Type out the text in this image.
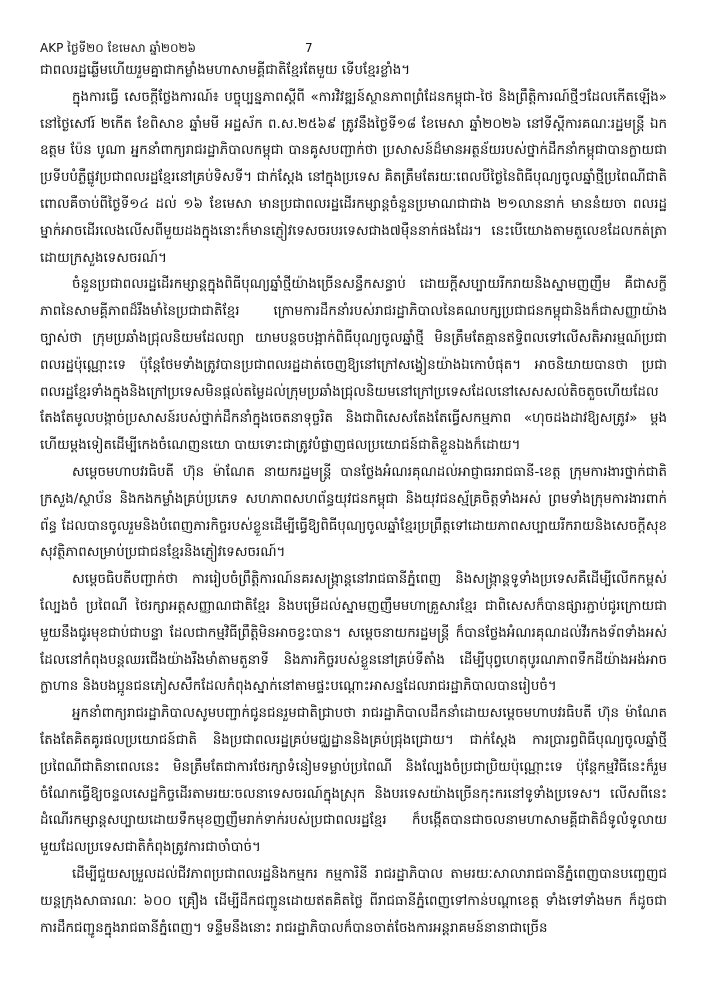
AKP ថ្ងៃទី២០ ខែមេសា ឆ្នាំ២០២៦	7

ជាពលរដ្ឋឆ្លើមហើយរួមគ្នាជាកម្លាំងមហាសាមគ្គីជាតិខ្មែរតែមួយ ទើបខ្មែរខ្លាំង។

ក្នុងការធ្វើ សេចក្តីថ្លែងការណ៍៖ បច្ចុប្បន្នភាពស្តីពី «ការវិវឌ្ឍន៍ស្ថានភាពព្រំដែនកម្ពុជា-ថៃ និងព្រឹត្តិការណ៍ថ្មីៗដែលកើតឡើង» នៅថ្ងៃសៅរ៍ ២កើត ខែពិសាខ ឆ្នាំមមី អដ្ឋស័ក ព.ស.២៥៦៩ ត្រូវនឹងថ្ងៃទី១៨ ខែមេសា ឆ្នាំ២០២៦ នៅទីស្តីការគណៈរដ្ឋមន្ត្រី ឯកឧត្តម ប៉ែន បូណា អ្នកនាំពាក្យរាជរដ្ឋាភិបាលកម្ពុជា បានគូសបញ្ជាក់ថា ប្រសាសន៍ដ៏មានអត្ថន័យរបស់ថ្នាក់ដឹកនាំកម្ពុជាបានក្លាយជាប្រទីបបំភ្លឺផ្លូវប្រជាពលរដ្ឋខ្មែរនៅគ្រប់ទិសទី។ ជាក់ស្តែង នៅក្នុងប្រទេស គិតត្រឹមតែរយៈពេលបីថ្ងៃនៃពិធីបុណ្យចូលឆ្នាំថ្មីប្រពៃណីជាតិ ពោលគឺចាប់ពីថ្ងៃទី១៤ ដល់ ១៦ ខែមេសា មានប្រជាពលរដ្ឋដើរកម្សាន្តចំនួនប្រមាណជាជាង ២១លាននាក់ មាននំយចា ពលរដ្ឋម្នាក់អាចដើរលេងលើសពីមួយដងក្នុងនោះក៏មានភ្ញៀវទេសចរបរទេសជាង៧ម៉ឺននាក់ផងដែរ។ នេះបើយោងតាមតួលេខដែលកត់ត្រាដោយក្រសួងទេសចរណ៍។

ចំនួនប្រជាពលរដ្ឋដើរកម្សាន្តក្នុងពិធីបុណ្យឆ្នាំថ្មីយ៉ាងច្រើនសន្ធឹកសន្ធាប់ ដោយក្តីសប្បាយរីករាយនិងស្នាមញញឹម គឺជាសក្ខីភាពនៃសាមគ្គីភាពដ៏រឹងមាំនៃប្រជាជាតិខ្មែរ ក្រោមការដឹកនាំរបស់រាជរដ្ឋាភិបាលនៃគណបក្សប្រជាជនកម្ពុជានិងក៏ជាសញ្ញាយ៉ាងច្បាស់ថា ក្រុមប្រឆាំងជ្រុលនិយមដែលព្យា យាមបន្តចបង្អាក់ពិធីបុណ្យចូលឆ្នាំថ្មី មិនត្រឹមតែគ្មានឥទ្ធិពលទៅលើសតិអារម្មណ៍ប្រជាពលរដ្ឋប៉ុណ្ណោះទេ ប៉ុន្តែថែមទាំងត្រូវបានប្រជាពលរដ្ឋដាត់ចេញឱ្យនៅក្រៅសង្វៀនយ៉ាងឯកោបំផុត។ អាចនិយាយបានថា ប្រជាពលរដ្ឋខ្មែរទាំងក្នុងនិងក្រៅប្រទេសមិនផ្តល់តម្លៃដល់ក្រុមប្រឆាំងជ្រុលនិយមនៅក្រៅប្រទេសដែលនៅសេសសល់តិចតួចហើយដែលតែងតែមូលបង្កាច់ប្រសាសន៍របស់ថ្នាក់ដឹកនាំក្នុងចេតនាទុច្ចរិត និងជាពិសេសតែងតែធ្វើសកម្មភាព «ហុចដងដាវឱ្យសត្រូវ» ម្តងហើយម្តងទៀតដើម្បីកេងចំណេញនយោ បាយទោះជាត្រូវបំផ្លាញផលប្រយោជន៍ជាតិខ្លួនឯងក៏ដោយ។

សម្តេចមហាបវរធិបតី ហ៊ុន ម៉ាណែត នាយករដ្ឋមន្ត្រី បានថ្លែងអំណរគុណដល់អាជ្ញាធររាជធានី-ខេត្ត ក្រុមការងារថ្នាក់ជាតិ ក្រសួង/ស្ថាប័ន និងកងកម្លាំងគ្រប់ប្រភេទ សហភាពសហព័ន្ធយុវជនកម្ពុជា និងយុវជនស្ម័គ្រចិត្តទាំងអស់ ព្រមទាំងក្រុមការងារពាក់ព័ន្ធ ដែលបានចូលរួមនិងបំពេញភារកិច្ចរបស់ខ្លួនដើម្បីធ្វើឱ្យពិធីបុណ្យចូលឆ្នាំខ្មែរប្រព្រឹត្តទៅដោយភាពសប្បាយរីករាយនិងសេចក្តីសុខសុវត្ថិភាពសម្រាប់ប្រជាជនខ្មែរនិងភ្ញៀវទេសចរណ៍។

សម្តេចធិបតីបញ្ជាក់ថា ការរៀបចំព្រឹត្តិការណ៍នគរសង្ក្រាន្តនៅរាជធានីភ្នំពេញ និងសង្ក្រាន្តទូទាំងប្រទេសគឺដើម្បីលើកកម្ពស់ល្បែងចំ ប្រពៃណី ថៃរក្សាអត្តសញ្ញាណជាតិខ្មែរ និងបម្រើដល់ស្នាមញញឹមមហាគ្រួសារខ្មែរ ជាពិសេសក៏បានផ្សារភ្ជាប់ជូរក្រោយជាមួយនឹងជូរមុខជាប់ជាបន្ទា ដែលជាកម្មវិធីព្រឹត្តិមិនអាចខ្វះបាន។ សម្តេចនាយករដ្ឋមន្ត្រី ក៏បានថ្លែងអំណរគុណដល់វីរកងទ័ពទាំងអស់ ដែលនៅកំពុងបន្តឈរជើងយ៉ាងរឹងមាំតាមតួនាទី និងភារកិច្ចរបស់ខ្លួននៅគ្រប់ទីតាំង ដើម្បីបុព្វហេតុបូរណភាពទឹកដីយ៉ាងអង់អាចក្លាហាន និងបងប្អូនជនភៀសសឹកដែលកំពុងស្នាក់នៅតាមផ្ទះបណ្ដោះអាសន្នដែលរាជរដ្ឋាភិបាលបានរៀបចំ។

អ្នកនាំពាក្យរាជរដ្ឋាភិបាលសូមបញ្ជាក់ជូនជនរួមជាតិជ្រាបថា រាជរដ្ឋាភិបាលដឹកនាំដោយសម្តេចមហាបវរធិបតី ហ៊ុន ម៉ាណែត តែងតែគិតគូរផលប្រយោជន៍ជាតិ និងប្រជាពលរដ្ឋគ្រប់មជ្ឈដ្ឋាននិងគ្រប់ជ្រុងជ្រោយ។ ជាក់ស្តែង ការប្រារព្ធពិធីបុណ្យចូលឆ្នាំថ្មីប្រពៃណីជាតិនាពេលនេះ មិនត្រឹមតែជាការថែរក្សាទំនៀមទម្លាប់ប្រពៃណី និងល្បែងចំប្រជាប្រិយប៉ុណ្ណោះទេ ប៉ុន្តែកម្មវិធីនេះក៏រួមចំណែកធ្វើឱ្យចន្ទលសេដ្ឋកិច្ចដើរតាមរយៈចលនាទេសចរណ៍ក្នុងស្រុក និងបរទេសយ៉ាងច្រើនកុះករនៅទូទាំងប្រទេស។ លើសពីនេះ ដំណើរកម្សាន្តសប្បាយដោយទឹកមុខញញឹមរាក់ទាក់របស់ប្រជាពលរដ្ឋខ្មែរ ក៏បង្កើតបានជាចលនាមហាសាមគ្គីជាតិដ៏ទូលំទូលាយមួយដែលប្រទេសជាតិកំពុងត្រូវការជាចាំបាច់។

ដើម្បីជួយសម្រួលដល់ជីវភាពប្រជាពលរដ្ឋនិងកម្មករ កម្មការិនី រាជរដ្ឋាភិបាល តាមរយៈសាលារាជធានីភ្នំពេញបានបញ្ចេញជយន្តក្រុងសាធារណៈ ៦០០ គ្រឿង ដើម្បីដឹកជញ្ជូនដោយឥតគិតថ្លៃ ពីរាជធានីភ្នំពេញទៅកាន់បណ្តាខេត្ត ទាំងទៅទាំងមក ក៏ដូចជាការដឹកជញ្ជូនក្នុងរាជធានីភ្នំពេញ។ ទន្ទឹមនឹងនោះ រាជរដ្ឋាភិបាលក៏បានចាត់ចែងការអន្តរាគមន៍នានាជាច្រើន
